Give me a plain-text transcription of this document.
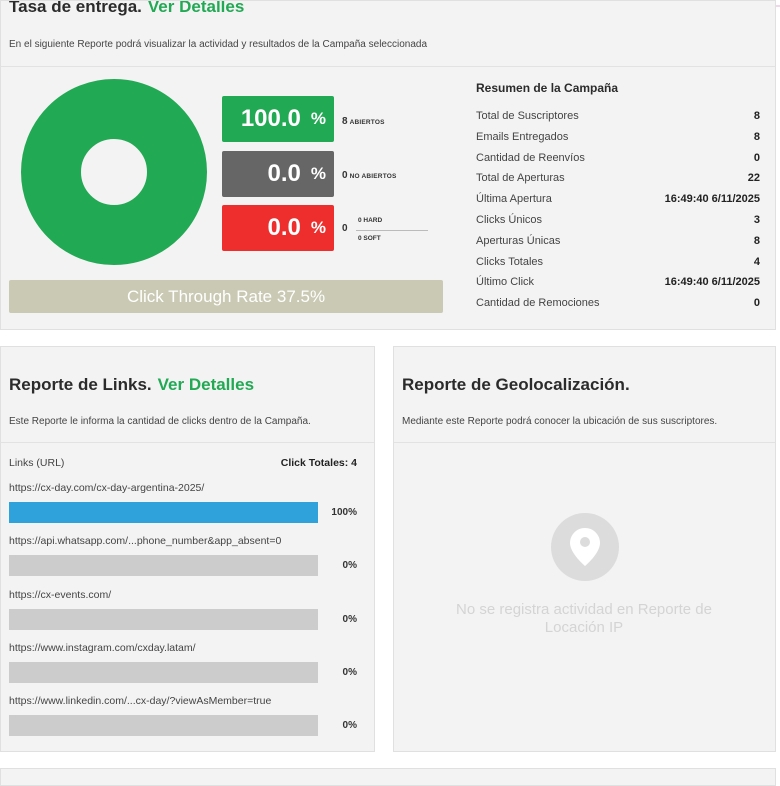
Tasa de entrega. Ver Detalles
En el siguiente Reporte podrá visualizar la actividad y resultados de la Campaña seleccionada
100.0 % 8 ABIERTOS
0.0 % 0 NO ABIERTOS
0.0 % 0
0 HARD
0 SOFT
Click Through Rate 37.5%
Resumen de la Campaña
Total de Suscriptores	8
Emails Entregados	8
Cantidad de Reenvíos	0
Total de Aperturas	22
Última Apertura	16:49:40 6/11/2025
Clicks Únicos	3
Aperturas Únicas	8
Clicks Totales	4
Último Click	16:49:40 6/11/2025
Cantidad de Remociones	0
Reporte de Links. Ver Detalles
Este Reporte le informa la cantidad de clicks dentro de la Campaña.
Links (URL)	Click Totales: 4
https://cx-day.com/cx-day-argentina-2025/
100%
https://api.whatsapp.com/...phone_number&app_absent=0
0%
https://cx-events.com/
0%
https://www.instagram.com/cxday.latam/
0%
https://www.linkedin.com/...cx-day/?viewAsMember=true
0%
Reporte de Geolocalización.
Mediante este Reporte podrá conocer la ubicación de sus suscriptores.
No se registra actividad en Reporte de
Locación IP
